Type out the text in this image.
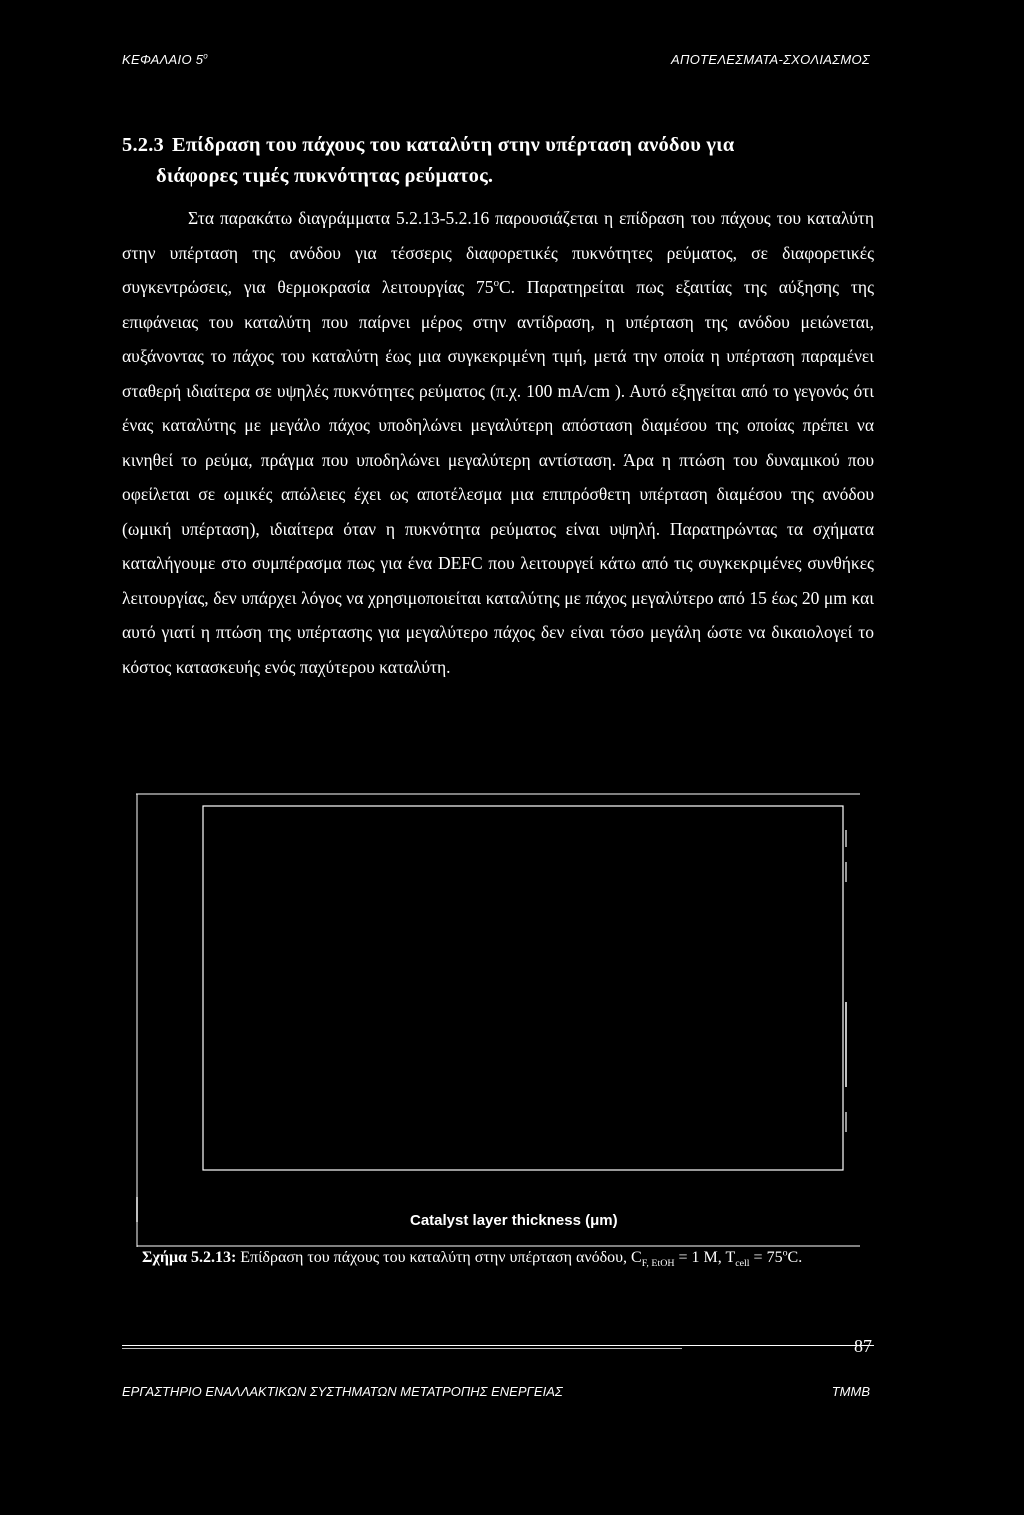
ΚΕΦΑΛΑΙΟ $5^o$	ΑΠΟΤΕΛΕΣΜΑΤΑ-ΣΧΟΛΙΑΣΜΟΣ
5.2.3 Επίδραση του πάχους του καταλύτη στην υπέρταση ανόδου για
διάφορες τιμές πυκνότητας ρεύματος.

Στα παρακάτω διαγράμματα 5.2.13-5.2.16 παρουσιάζεται η επίδραση του πάχους του καταλύτη στην υπέρταση της ανόδου για τέσσερις διαφορετικές πυκνότητες ρεύματος, σε διαφορετικές συγκεντρώσεις, για θερμοκρασία λειτουργίας 75$^o$C. Παρατηρείται πως εξαιτίας της αύξησης της επιφάνειας του καταλύτη που παίρνει μέρος στην αντίδραση, η υπέρταση της ανόδου μειώνεται, αυξάνοντας το πάχος του καταλύτη έως μια συγκεκριμένη τιμή, μετά την οποία η υπέρταση παραμένει σταθερή ιδιαίτερα σε υψηλές πυκνότητες ρεύματος (π.χ. 100 mA/cm ). Αυτό εξηγείται από το γεγονός ότι ένας καταλύτης με μεγάλο πάχος υποδηλώνει μεγαλύτερη απόσταση διαμέσου της οποίας πρέπει να κινηθεί το ρεύμα, πράγμα που υποδηλώνει μεγαλύτερη αντίσταση. Άρα η πτώση του δυναμικού που οφείλεται σε ωμικές απώλειες έχει ως αποτέλεσμα μια επιπρόσθετη υπέρταση διαμέσου της ανόδου (ωμική υπέρταση), ιδιαίτερα όταν η πυκνότητα ρεύματος είναι υψηλή. Παρατηρώντας τα σχήματα καταλήγουμε στο συμπέρασμα πως για ένα DEFC που λειτουργεί κάτω από τις συγκεκριμένες συνθήκες λειτουργίας, δεν υπάρχει λόγος να χρησιμοποιείται καταλύτης με πάχος μεγαλύτερο από 15 έως 20 μm και αυτό γιατί η πτώση της υπέρτασης για μεγαλύτερο πάχος δεν είναι τόσο μεγάλη ώστε να δικαιολογεί το κόστος κατασκευής ενός παχύτερου καταλύτη.

Catalyst layer thickness (μm)
Σχήμα 5.2.13: Επίδραση του πάχους του καταλύτη στην υπέρταση ανόδου, $C_{F, EtOH} = 1$ M, $T_{cell} = 75^oC$.
87
ΕΡΓΑΣΤΗΡΙΟ ΕΝΑΛΛΑΚΤΙΚΩΝ ΣΥΣΤΗΜΑΤΩΝ ΜΕΤΑΤΡΟΠΗΣ ΕΝΕΡΓΕΙΑΣ	ΤΜΜΒ
